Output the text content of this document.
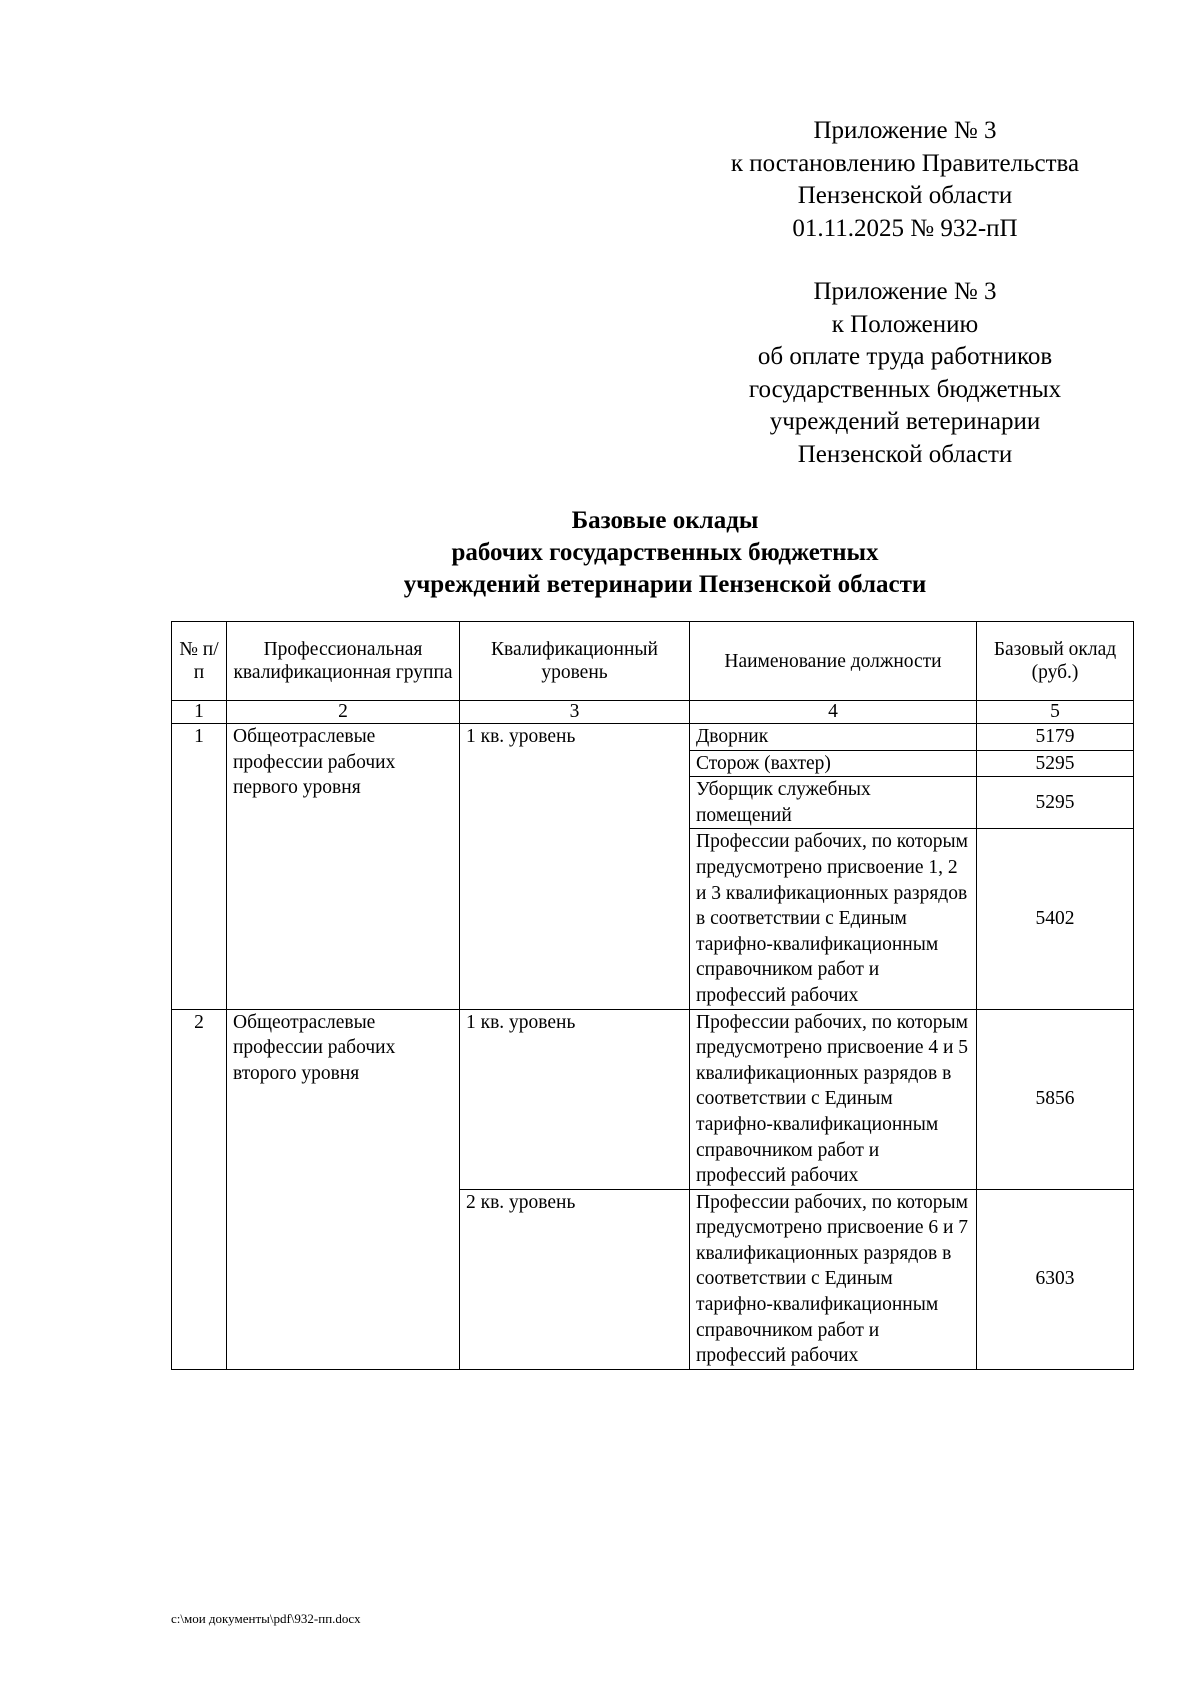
Приложение № 3
к постановлению Правительства
Пензенской области
01.11.2025 № 932-пП
Приложение № 3
к Положению
об оплате труда работников
государственных бюджетных
учреждений ветеринарии
Пензенской области
Базовые оклады
рабочих государственных бюджетных
учреждений ветеринарии Пензенской области
№ п/п	Профессиональная квалификационная группа	Квалификационный уровень	Наименование должности	Базовый оклад (руб.)
1	2	3	4	5
1	Общеотраслевые профессии рабочих первого уровня	1 кв. уровень	Дворник	5179
			Сторож (вахтер)	5295
			Уборщик служебных помещений	5295
			Профессии рабочих, по которым предусмотрено присвоение 1, 2 и 3 квалификационных разрядов в соответствии с Единым тарифно-квалификационным справочником работ и профессий рабочих	5402
2	Общеотраслевые профессии рабочих второго уровня	1 кв. уровень	Профессии рабочих, по которым предусмотрено присвоение 4 и 5 квалификационных разрядов в соответствии с Единым тарифно-квалификационным справочником работ и профессий рабочих	5856
		2 кв. уровень	Профессии рабочих, по которым предусмотрено присвоение 6 и 7 квалификационных разрядов в соответствии с Единым тарифно-квалификационным справочником работ и профессий рабочих	6303
c:\мои документы\pdf\932-пп.docx
